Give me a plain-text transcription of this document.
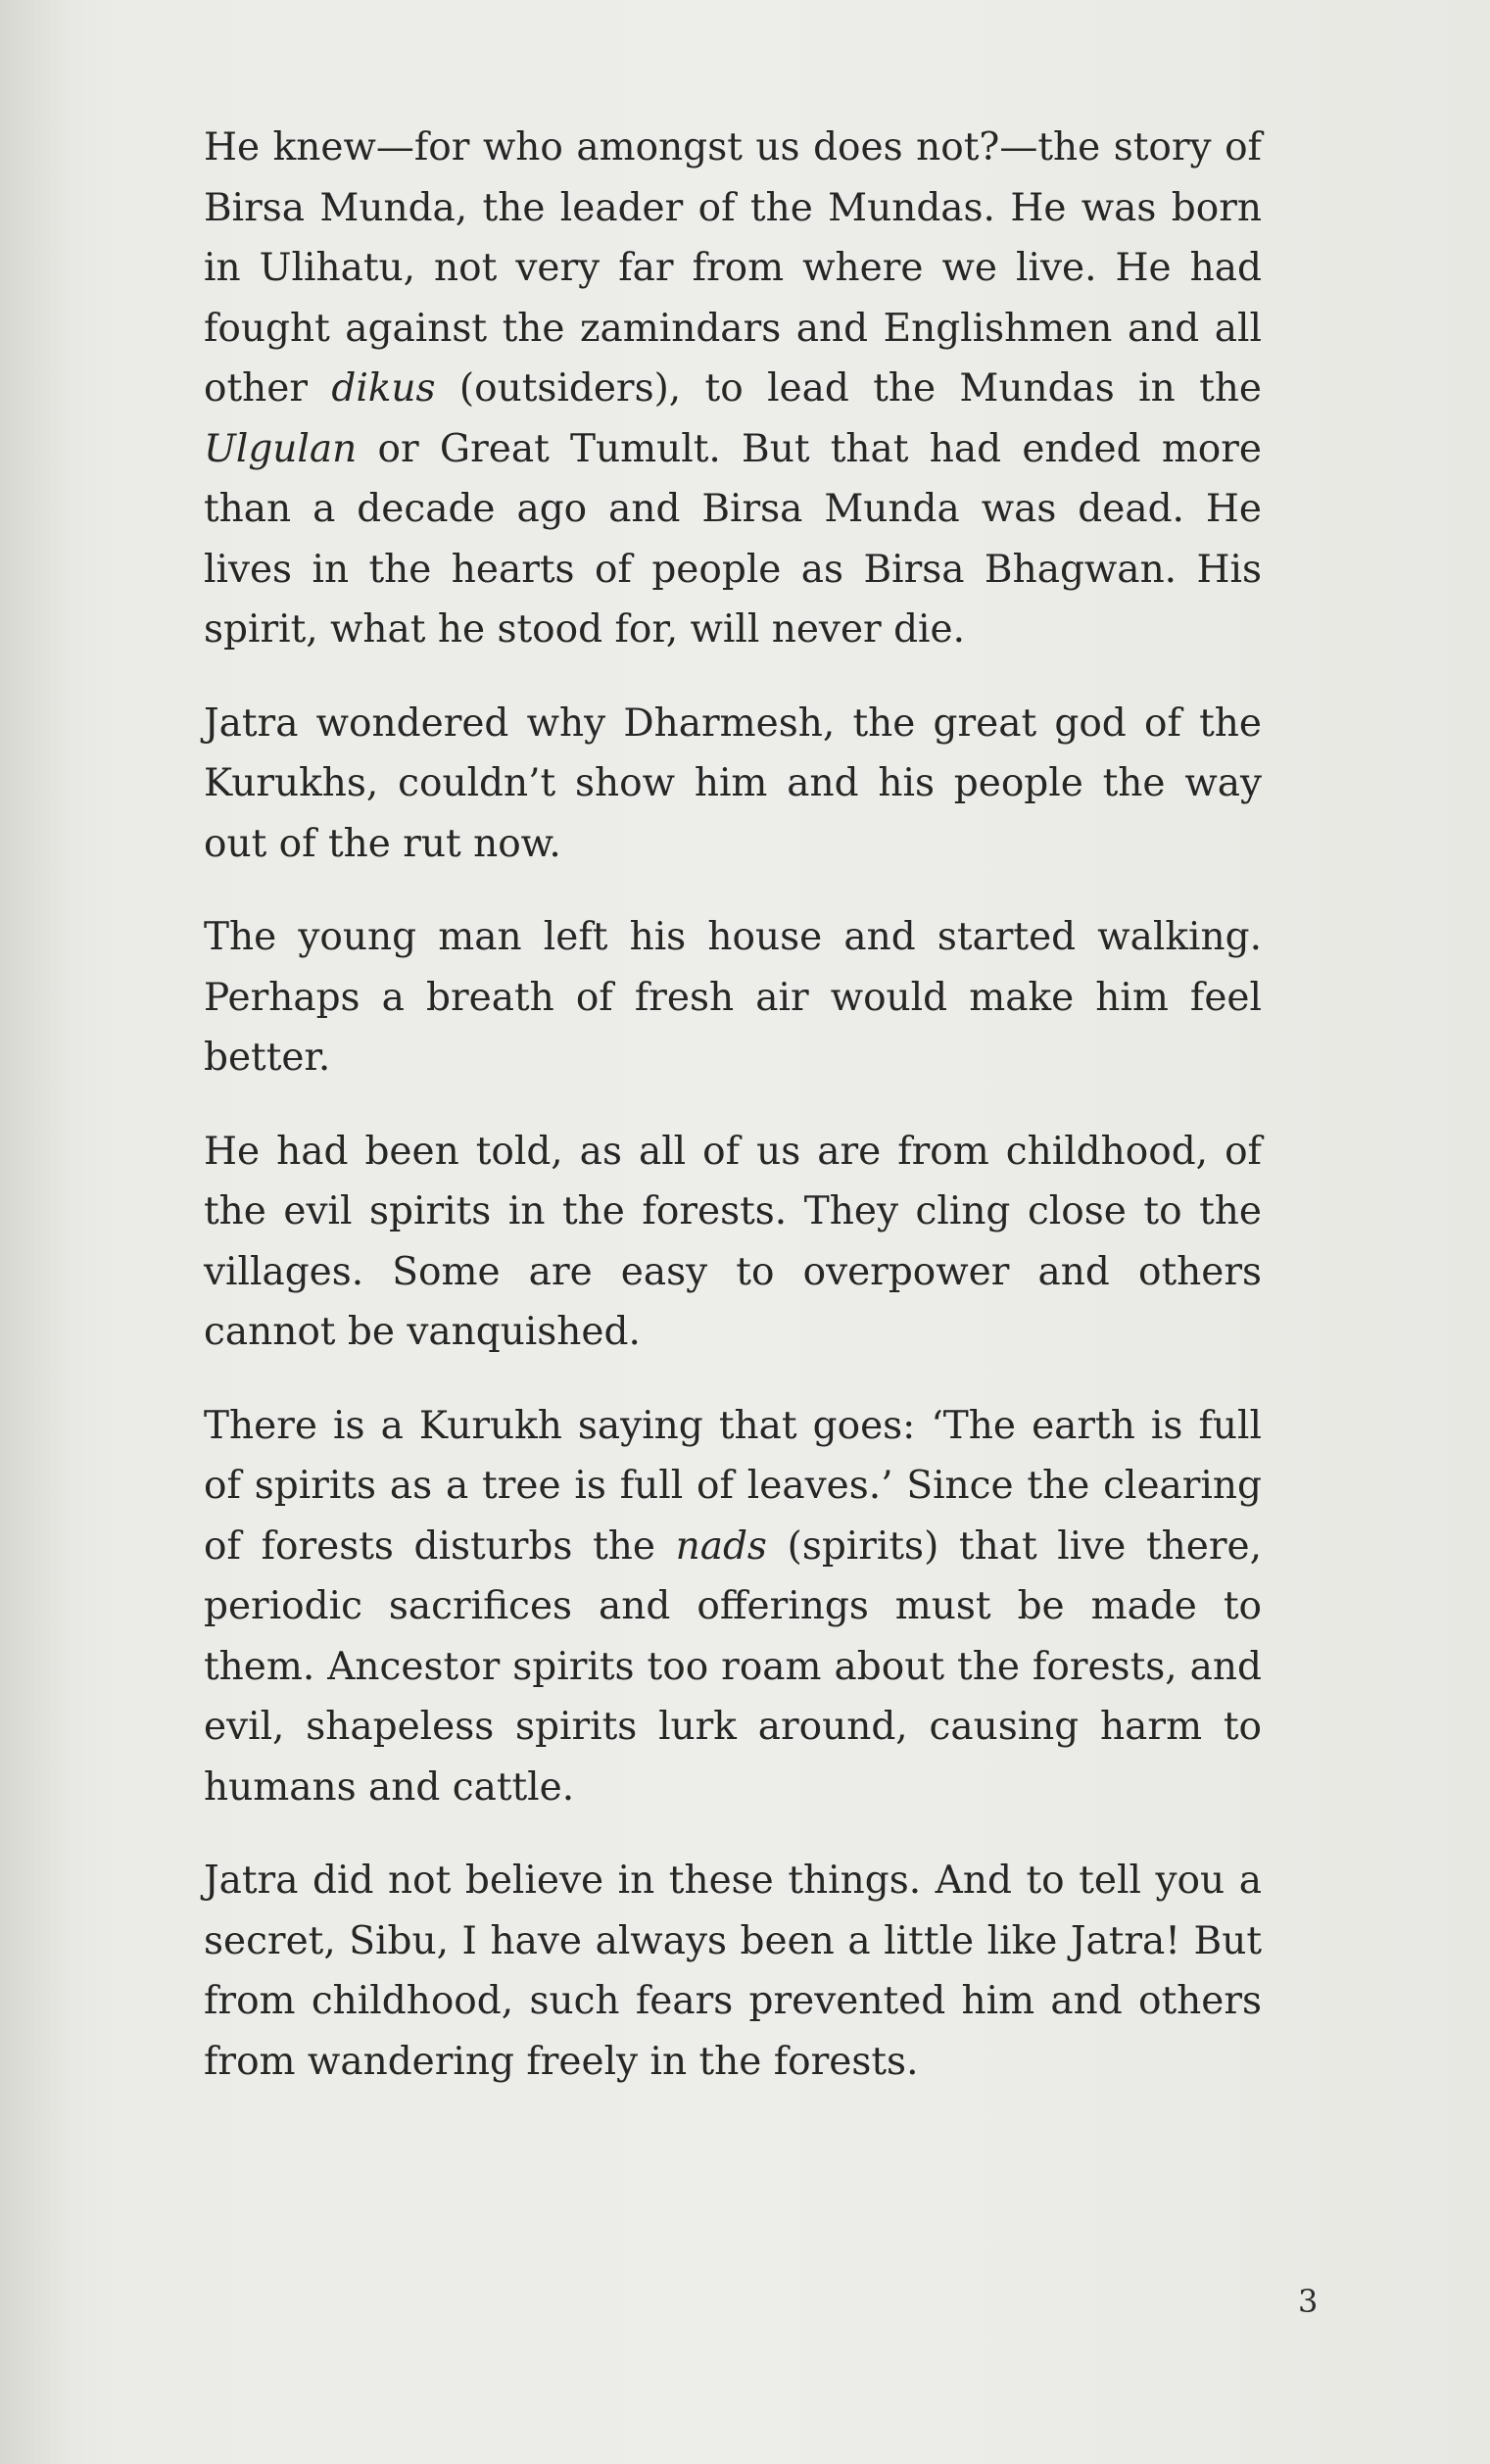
He knew—for who amongst us does not?—the story of Birsa Munda, the leader of the Mundas. He was born in Ulihatu, not very far from where we live. He had fought against the zamindars and Englishmen and all other dikus (outsiders), to lead the Mundas in the Ulgulan or Great Tumult. But that had ended more than a decade ago and Birsa Munda was dead. He lives in the hearts of people as Birsa Bhagwan. His spirit, what he stood for, will never die.

Jatra wondered why Dharmesh, the great god of the Kurukhs, couldn’t show him and his people the way out of the rut now.

The young man left his house and started walking. Perhaps a breath of fresh air would make him feel better.

He had been told, as all of us are from childhood, of the evil spirits in the forests. They cling close to the villages. Some are easy to overpower and others cannot be vanquished.

There is a Kurukh saying that goes: ‘The earth is full of spirits as a tree is full of leaves.’ Since the clearing of forests disturbs the nads (spirits) that live there, periodic sacrifices and offerings must be made to them. Ancestor spirits too roam about the forests, and evil, shapeless spirits lurk around, causing harm to humans and cattle.

Jatra did not believe in these things. And to tell you a secret, Sibu, I have always been a little like Jatra! But from childhood, such fears prevented him and others from wandering freely in the forests.

3
